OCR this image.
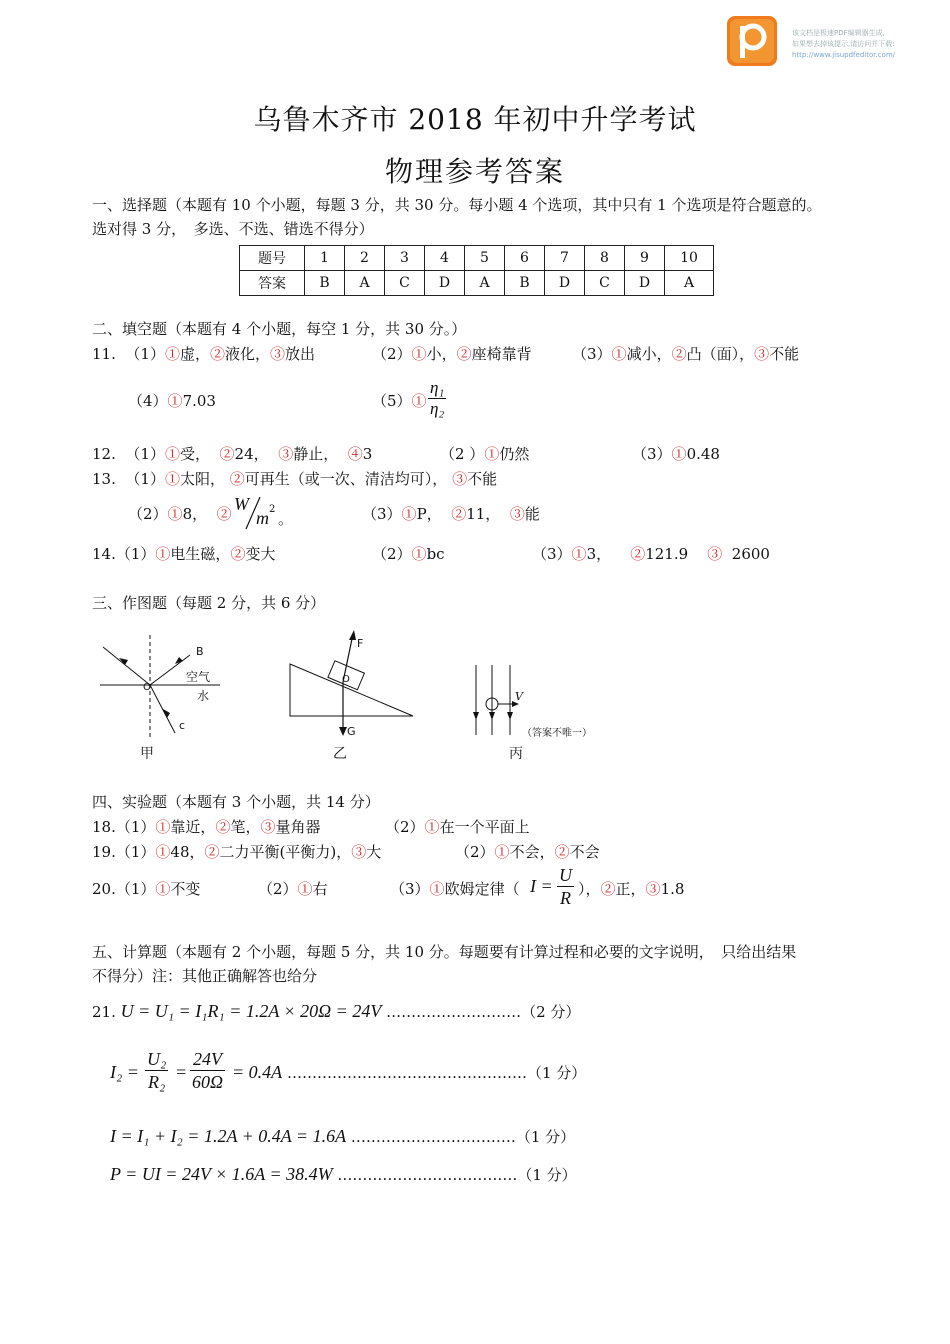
该文档是极速PDF编辑器生成,
如果想去掉该提示,请访问并下载:
http://www.jisupdfeditor.com/
乌鲁木齐市 2018 年初中升学考试
物理参考答案
一、选择题（本题有 10 个小题，每题 3 分，共 30 分。每小题 4 个选项，其中只有 1 个选项是符合题意的。
选对得 3 分，　多选、不选、错选不得分）
题号	1	2	3	4	5	6	7	8	9	10
答案	B	A	C	D	A	B	D	C	D	A
二、填空题（本题有 4 个小题，每空 1 分，共 30 分。）
11. （1）①虚，②液化，③放出	（2）①小，②座椅靠背	（3）①减小，②凸（面），③不能
（4）①7.03	（5）① $\frac{\text{η₁}}{\text{η₂}}$
12. （1）①受， ②24， ③静止， ④3	（2 ）①仍然	（3）①0.48
13. （1）①太阳， ②可再生（或一次、清洁均可）， ③不能
（2）①8， ② W
m 2
。	（3）①P， ②11， ③能
14.（1）①电生磁，②变大	（2）①bc	（3）①3， ②121.9 ③ 2600
三、作图题（每题 2 分，共 6 分）
B
O
c
空气
水
甲
F
O
G
乙
V
（答案不唯一）
丙
四、实验题（本题有 3 个小题，共 14 分）
18.（1）①靠近，②笔，③量角器	（2）①在一个平面上
19.（1）①48，②二力平衡(平衡力)，③大	（2）①不会，②不会
20.（1）①不变	（2）①右	（3）①欧姆定律（ $I = \frac{U}{R}$ ），②正，③1.8
五、计算题（本题有 2 个小题，每题 5 分，共 10 分。每题要有计算过程和必要的文字说明，　只给出结果
不得分）注：其他正确解答也给分
21. U = U₁ = I₁R₁ = 1.2A × 20Ω = 24V ………………………（2 分）
$I_2 = \frac{\text{U₂}}{\text{R₂}} = \frac{24V}{60\Omega} = 0.4A$ …………………………………………（1 分）
I = I₁ + I₂ = 1.2A + 0.4A = 1.6A ……………………………（1 分）
P = UI = 24V × 1.6A = 38.4W ………………………………（1 分）
